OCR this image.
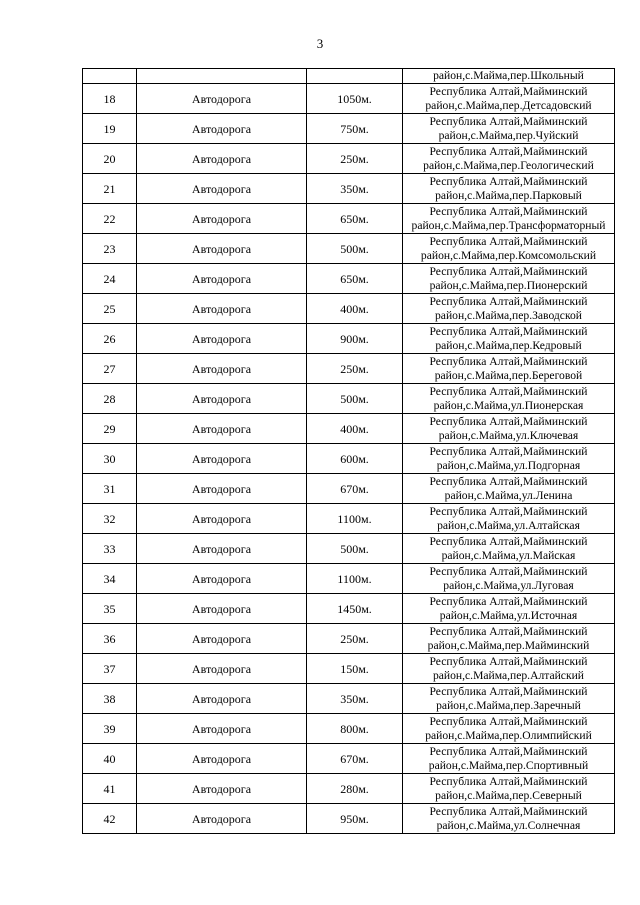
3

			район,с.Майма,пер.Школьный

18	Автодорога	1050м.	Республика Алтай,Майминский
район,с.Майма,пер.Детсадовский

19	Автодорога	750м.	Республика Алтай,Майминский
район,с.Майма,пер.Чуйский

20	Автодорога	250м.	Республика Алтай,Майминский
район,с.Майма,пер.Геологический

21	Автодорога	350м.	Республика Алтай,Майминский
район,с.Майма,пер.Парковый

22	Автодорога	650м.	Республика Алтай,Майминский
район,с.Майма,пер.Трансформаторный

23	Автодорога	500м.	Республика Алтай,Майминский
район,с.Майма,пер.Комсомольский

24	Автодорога	650м.	Республика Алтай,Майминский
район,с.Майма,пер.Пионерский

25	Автодорога	400м.	Республика Алтай,Майминский
район,с.Майма,пер.Заводской

26	Автодорога	900м.	Республика Алтай,Майминский
район,с.Майма,пер.Кедровый

27	Автодорога	250м.	Республика Алтай,Майминский
район,с.Майма,пер.Береговой

28	Автодорога	500м.	Республика Алтай,Майминский
район,с.Майма,ул.Пионерская

29	Автодорога	400м.	Республика Алтай,Майминский
район,с.Майма,ул.Ключевая

30	Автодорога	600м.	Республика Алтай,Майминский
район,с.Майма,ул.Подгорная

31	Автодорога	670м.	Республика Алтай,Майминский
район,с.Майма,ул.Ленина

32	Автодорога	1100м.	Республика Алтай,Майминский
район,с.Майма,ул.Алтайская

33	Автодорога	500м.	Республика Алтай,Майминский
район,с.Майма,ул.Майская

34	Автодорога	1100м.	Республика Алтай,Майминский
район,с.Майма,ул.Луговая

35	Автодорога	1450м.	Республика Алтай,Майминский
район,с.Майма,ул.Источная

36	Автодорога	250м.	Республика Алтай,Майминский
район,с.Майма,пер.Майминский

37	Автодорога	150м.	Республика Алтай,Майминский
район,с.Майма,пер.Алтайский

38	Автодорога	350м.	Республика Алтай,Майминский
район,с.Майма,пер.Заречный

39	Автодорога	800м.	Республика Алтай,Майминский
район,с.Майма,пер.Олимпийский

40	Автодорога	670м.	Республика Алтай,Майминский
район,с.Майма,пер.Спортивный

41	Автодорога	280м.	Республика Алтай,Майминский
район,с.Майма,пер.Северный

42	Автодорога	950м.	Республика Алтай,Майминский
район,с.Майма,ул.Солнечная
